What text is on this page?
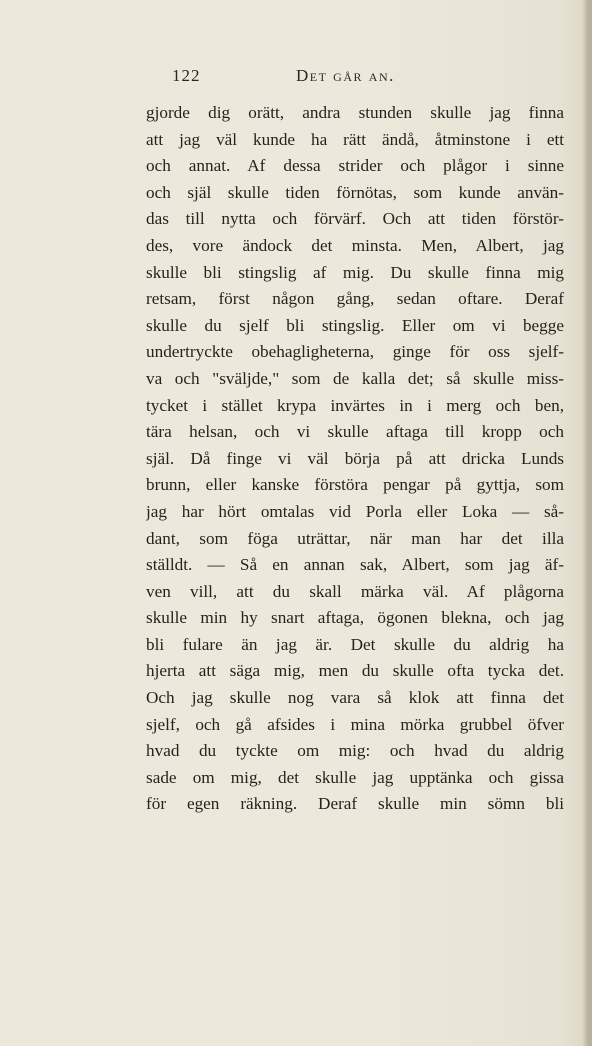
122	Det går an.
gjorde dig orätt, andra stunden skulle jag finna
att jag väl kunde ha rätt ändå, åtminstone i ett
och annat. Af dessa strider och plågor i sinne
och själ skulle tiden förnötas, som kunde använ-
das till nytta och förvärf. Och att tiden förstör-
des, vore ändock det minsta. Men, Albert, jag
skulle bli stingslig af mig. Du skulle finna mig
retsam, först någon gång, sedan oftare. Deraf
skulle du sjelf bli stingslig. Eller om vi begge
undertryckte obehagligheterna, ginge för oss sjelf-
va och "sväljde," som de kalla det; så skulle miss-
tycket i stället krypa invärtes in i merg och ben,
tära helsan, och vi skulle aftaga till kropp och
själ. Då finge vi väl börja på att dricka Lunds
brunn, eller kanske förstöra pengar på gyttja, som
jag har hört omtalas vid Porla eller Loka — så-
dant, som föga uträttar, när man har det illa
ställdt. — Så en annan sak, Albert, som jag äf-
ven vill, att du skall märka väl. Af plågorna
skulle min hy snart aftaga, ögonen blekna, och jag
bli fulare än jag är. Det skulle du aldrig ha
hjerta att säga mig, men du skulle ofta tycka det.
Och jag skulle nog vara så klok att finna det
sjelf, och gå afsides i mina mörka grubbel öfver
hvad du tyckte om mig: och hvad du aldrig
sade om mig, det skulle jag upptänka och gissa
för egen räkning. Deraf skulle min sömn bli
